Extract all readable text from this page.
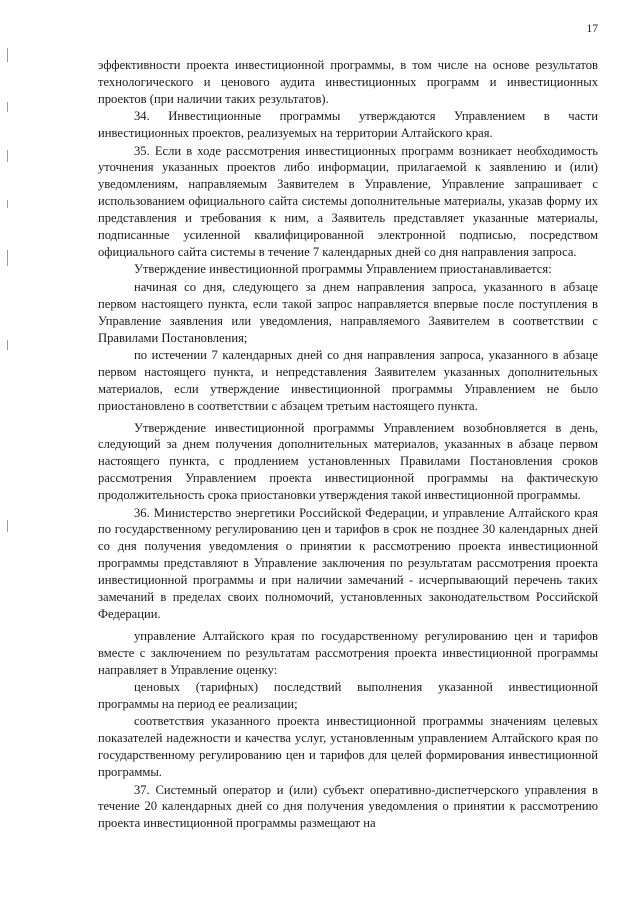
17

эффективности проекта инвестиционной программы, в том числе на основе результатов технологического и ценового аудита инвестиционных программ и инвестиционных проектов (при наличии таких результатов).

34. Инвестиционные программы утверждаются Управлением в части инвестиционных проектов, реализуемых на территории Алтайского края.

35. Если в ходе рассмотрения инвестиционных программ возникает необходимость уточнения указанных проектов либо информации, прилагаемой к заявлению и (или) уведомлениям, направляемым Заявителем в Управление, Управление запрашивает с использованием официального сайта системы дополнительные материалы, указав форму их представления и требования к ним, а Заявитель представляет указанные материалы, подписанные усиленной квалифицированной электронной подписью, посредством официального сайта системы в течение 7 календарных дней со дня направления запроса.

Утверждение инвестиционной программы Управлением приостанавливается:

начиная со дня, следующего за днем направления запроса, указанного в абзаце первом настоящего пункта, если такой запрос направляется впервые после поступления в Управление заявления или уведомления, направляемого Заявителем в соответствии с Правилами Постановления;

по истечении 7 календарных дней со дня направления запроса, указанного в абзаце первом настоящего пункта, и непредставления Заявителем указанных дополнительных материалов, если утверждение инвестиционной программы Управлением не было приостановлено в соответствии с абзацем третьим настоящего пункта.

Утверждение инвестиционной программы Управлением возобновляется в день, следующий за днем получения дополнительных материалов, указанных в абзаце первом настоящего пункта, с продлением установленных Правилами Постановления сроков рассмотрения Управлением проекта инвестиционной программы на фактическую продолжительность срока приостановки утверждения такой инвестиционной программы.

36. Министерство энергетики Российской Федерации, и управление Алтайского края по государственному регулированию цен и тарифов в срок не позднее 30 календарных дней со дня получения уведомления о принятии к рассмотрению проекта инвестиционной программы представляют в Управление заключения по результатам рассмотрения проекта инвестиционной программы и при наличии замечаний - исчерпывающий перечень таких замечаний в пределах своих полномочий, установленных законодательством Российской Федерации.

управление Алтайского края по государственному регулированию цен и тарифов вместе с заключением по результатам рассмотрения проекта инвестиционной программы направляет в Управление оценку:

ценовых (тарифных) последствий выполнения указанной инвестиционной программы на период ее реализации;

соответствия указанного проекта инвестиционной программы значениям целевых показателей надежности и качества услуг, установленным управлением Алтайского края по государственному регулированию цен и тарифов для целей формирования инвестиционной программы.

37. Системный оператор и (или) субъект оперативно-диспетчерского управления в течение 20 календарных дней со дня получения уведомления о принятии к рассмотрению проекта инвестиционной программы размещают на
